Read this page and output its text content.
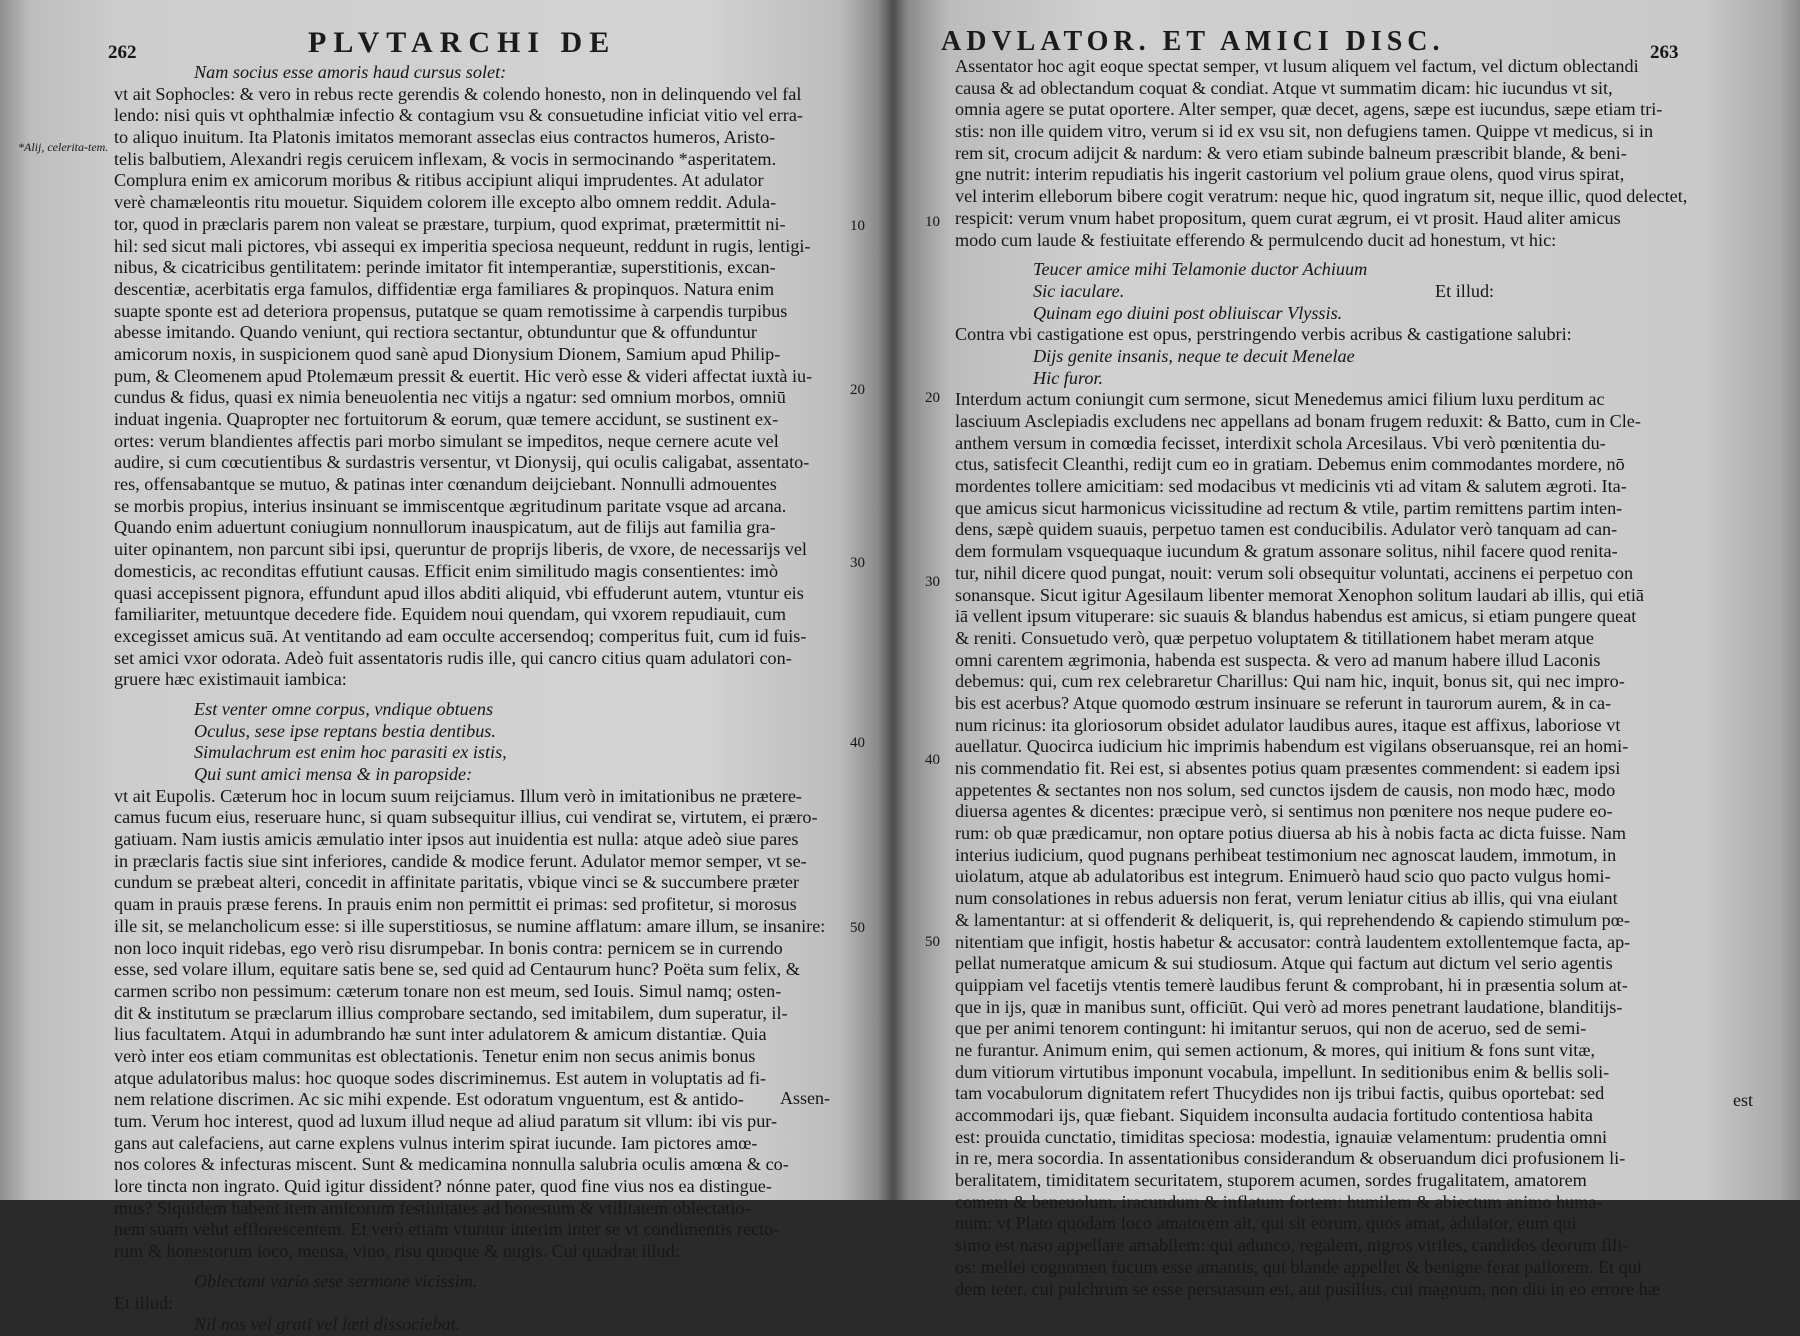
262	PLVTARCHI DE
*Alij, celerita-tem.
10
20
30
40
50
Nam socius esse amoris haud cursus solet:
vt ait Sophocles: & vero in rebus recte gerendis & colendo honesto, non in delinquendo vel fal
lendo: nisi quis vt ophthalmiæ infectio & contagium vsu & consuetudine inficiat vitio vel erra-
to aliquo inuitum. Ita Platonis imitatos memorant asseclas eius contractos humeros, Aristo-
telis balbutiem, Alexandri regis ceruicem inflexam, & vocis in sermocinando *asperitatem.
Complura enim ex amicorum moribus & ritibus accipiunt aliqui imprudentes. At adulator
verè chamæleontis ritu mouetur. Siquidem colorem ille excepto albo omnem reddit. Adula-
tor, quod in præclaris parem non valeat se præstare, turpium, quod exprimat, prætermittit ni-
hil: sed sicut mali pictores, vbi assequi ex imperitia speciosa nequeunt, reddunt in rugis, lentigi-
nibus, & cicatricibus gentilitatem: perinde imitator fit intemperantiæ, superstitionis, excan-
descentiæ, acerbitatis erga famulos, diffidentiæ erga familiares & propinquos. Natura enim
suapte sponte est ad deteriora propensus, putatque se quam remotissime à carpendis turpibus
abesse imitando. Quando veniunt, qui rectiora sectantur, obtunduntur que & offunduntur
amicorum noxis, in suspicionem quod sanè apud Dionysium Dionem, Samium apud Philip-
pum, & Cleomenem apud Ptolemæum pressit & euertit. Hic verò esse & videri affectat iuxtà iu-
cundus & fidus, quasi ex nimia beneuolentia nec vitijs a ngatur: sed omnium morbos, omniū
induat ingenia. Quapropter nec fortuitorum & eorum, quæ temere accidunt, se sustinent ex-
ortes: verum blandientes affectis pari morbo simulant se impeditos, neque cernere acute vel
audire, si cum cœcutientibus & surdastris versentur, vt Dionysij, qui oculis caligabat, assentato-
res, offensabantque se mutuo, & patinas inter cœnandum deijciebant. Nonnulli admouentes
se morbis propius, interius insinuant se immiscentque ægritudinum paritate vsque ad arcana.
Quando enim aduertunt coniugium nonnullorum inauspicatum, aut de filijs aut familia gra-
uiter opinantem, non parcunt sibi ipsi, queruntur de proprijs liberis, de vxore, de necessarijs vel
domesticis, ac reconditas effutiunt causas. Efficit enim similitudo magis consentientes: imò
quasi accepissent pignora, effundunt apud illos abditi aliquid, vbi effuderunt autem, vtuntur eis
familiariter, metuuntque decedere fide. Equidem noui quendam, qui vxorem repudiauit, cum
excegisset amicus suā. At ventitando ad eam occulte accersendoq; comperitus fuit, cum id fuis-
set amici vxor odorata. Adeò fuit assentatoris rudis ille, qui cancro citius quam adulatori con-
gruere hæc existimauit iambica:
Est venter omne corpus, vndique obtuens
Oculus, sese ipse reptans bestia dentibus.
Simulachrum est enim hoc parasiti ex istis,
Qui sunt amici mensa & in paropside:
vt ait Eupolis. Cæterum hoc in locum suum reijciamus. Illum verò in imitationibus ne prætere-
camus fucum eius, reseruare hunc, si quam subsequitur illius, cui vendirat se, virtutem, ei præro-
gatiuam. Nam iustis amicis æmulatio inter ipsos aut inuidentia est nulla: atque adeò siue pares
in præclaris factis siue sint inferiores, candide & modice ferunt. Adulator memor semper, vt se-
cundum se præbeat alteri, concedit in affinitate paritatis, vbique vinci se & succumbere præter
quam in prauis præse ferens. In prauis enim non permittit ei primas: sed profitetur, si morosus
ille sit, se melancholicum esse: si ille superstitiosus, se numine afflatum: amare illum, se insanire:
non loco inquit ridebas, ego verò risu disrumpebar. In bonis contra: pernicem se in currendo
esse, sed volare illum, equitare satis bene se, sed quid ad Centaurum hunc? Poëta sum felix, &
carmen scribo non pessimum: cæterum tonare non est meum, sed Iouis. Simul namq; osten-
dit & institutum se præclarum illius comprobare sectando, sed imitabilem, dum superatur, il-
lius facultatem. Atqui in adumbrando hæ sunt inter adulatorem & amicum distantiæ. Quia
verò inter eos etiam communitas est oblectationis. Tenetur enim non secus animis bonus
atque adulatoribus malus: hoc quoque sodes discriminemus. Est autem in voluptatis ad fi-
nem relatione discrimen. Ac sic mihi expende. Est odoratum vnguentum, est & antido-
tum. Verum hoc interest, quod ad luxum illud neque ad aliud paratum sit vllum: ibi vis pur-
gans aut calefaciens, aut carne explens vulnus interim spirat iucunde. Iam pictores amœ-
nos colores & infecturas miscent. Sunt & medicamina nonnulla salubria oculis amœna & co-
lore tincta non ingrato. Quid igitur dissident? nónne pater, quod fine vius nos ea distingue-
mus? Siquidem habent item amicorum festiuitates ad honestum & vtilitatem oblectatio-
nem suam velut efflorescentem. Et verò etiam vtuntur interim inter se vt condimentis recto-
rum & honestorum ioco, mensa, vino, risu quoque & nugis. Cui quadrat illud:
Oblectant vario sese sermone vicissim.
Et illud:
Nil nos vel grati vel læti dissociebat.
Assen-
ADVLATOR. ET AMICI DISC.	263
10
20
30
40
50
Assentator hoc agit eoque spectat semper, vt lusum aliquem vel factum, vel dictum oblectandi
causa & ad oblectandum coquat & condiat. Atque vt summatim dicam: hic iucundus vt sit,
omnia agere se putat oportere. Alter semper, quæ decet, agens, sæpe est iucundus, sæpe etiam tri-
stis: non ille quidem vitro, verum si id ex vsu sit, non defugiens tamen. Quippe vt medicus, si in
rem sit, crocum adijcit & nardum: & vero etiam subinde balneum præscribit blande, & beni-
gne nutrit: interim repudiatis his ingerit castorium vel polium graue olens, quod virus spirat,
vel interim elleborum bibere cogit veratrum: neque hic, quod ingratum sit, neque illic, quod delectet,
respicit: verum vnum habet propositum, quem curat ægrum, ei vt prosit. Haud aliter amicus
modo cum laude & festiuitate efferendo & permulcendo ducit ad honestum, vt hic:
Teucer amice mihi Telamonie ductor Achiuum
Sic iaculare.	Et illud:
Quinam ego diuini post obliuiscar Vlyssis.
Contra vbi castigatione est opus, perstringendo verbis acribus & castigatione salubri:
Dijs genite insanis, neque te decuit Menelae
Hic furor.
Interdum actum coniungit cum sermone, sicut Menedemus amici filium luxu perditum ac
lasciuum Asclepiadis excludens nec appellans ad bonam frugem reduxit: & Batto, cum in Cle-
anthem versum in comœdia fecisset, interdixit schola Arcesilaus. Vbi verò pœnitentia du-
ctus, satisfecit Cleanthi, redijt cum eo in gratiam. Debemus enim commodantes mordere, nō
mordentes tollere amicitiam: sed modacibus vt medicinis vti ad vitam & salutem ægroti. Ita-
que amicus sicut harmonicus vicissitudine ad rectum & vtile, partim remittens partim inten-
dens, sæpè quidem suauis, perpetuo tamen est conducibilis. Adulator verò tanquam ad can-
dem formulam vsquequaque iucundum & gratum assonare solitus, nihil facere quod renita-
tur, nihil dicere quod pungat, nouit: verum soli obsequitur voluntati, accinens ei perpetuo con
sonansque. Sicut igitur Agesilaum libenter memorat Xenophon solitum laudari ab illis, qui etiā
iā vellent ipsum vituperare: sic suauis & blandus habendus est amicus, si etiam pungere queat
& reniti. Consuetudo verò, quæ perpetuo voluptatem & titillationem habet meram atque
omni carentem ægrimonia, habenda est suspecta. & vero ad manum habere illud Laconis
debemus: qui, cum rex celebraretur Charillus: Qui nam hic, inquit, bonus sit, qui nec impro-
bis est acerbus? Atque quomodo œstrum insinuare se referunt in taurorum aurem, & in ca-
num ricinus: ita gloriosorum obsidet adulator laudibus aures, itaque est affixus, laboriose vt
auellatur. Quocirca iudicium hic imprimis habendum est vigilans obseruansque, rei an homi-
nis commendatio fit. Rei est, si absentes potius quam præsentes commendent: si eadem ipsi
appetentes & sectantes non nos solum, sed cunctos ijsdem de causis, non modo hæc, modo
diuersa agentes & dicentes: præcipue verò, si sentimus non pœnitere nos neque pudere eo-
rum: ob quæ prædicamur, non optare potius diuersa ab his à nobis facta ac dicta fuisse. Nam
interius iudicium, quod pugnans perhibeat testimonium nec agnoscat laudem, immotum, in
uiolatum, atque ab adulatoribus est integrum. Enimuerò haud scio quo pacto vulgus homi-
num consolationes in rebus aduersis non ferat, verum leniatur citius ab illis, qui vna eiulant
& lamentantur: at si offenderit & deliquerit, is, qui reprehendendo & capiendo stimulum pœ-
nitentiam que infigit, hostis habetur & accusator: contrà laudentem extollentemque facta, ap-
pellat numeratque amicum & sui studiosum. Atque qui factum aut dictum vel serio agentis
quippiam vel facetijs vtentis temerè laudibus ferunt & comprobant, hi in præsentia solum at-
que in ijs, quæ in manibus sunt, officiūt. Qui verò ad mores penetrant laudatione, blanditijs-
que per animi tenorem contingunt: hi imitantur seruos, qui non de aceruo, sed de semi-
ne furantur. Animum enim, qui semen actionum, & mores, qui initium & fons sunt vitæ,
dum vitiorum virtutibus imponunt vocabula, impellunt. In seditionibus enim & bellis soli-
tam vocabulorum dignitatem refert Thucydides non ijs tribui factis, quibus oportebat: sed
accommodari ijs, quæ fiebant. Siquidem inconsulta audacia fortitudo contentiosa habita
est: prouida cunctatio, timiditas speciosa: modestia, ignauiæ velamentum: prudentia omni
in re, mera socordia. In assentationibus considerandum & obseruandum dici profusionem li-
beralitatem, timiditatem securitatem, stuporem acumen, sordes frugalitatem, amatorem
comem & beneuolum, iracundum & inflatum fortem: humilem & abiectum animo huma-
num: vt Plato quodam loco amatorem ait, qui sit eorum, quos amat, adulator, eum qui
simo est naso appellare amabilem: qui adunco, regalem, nigros viriles, candidos deorum fili-
os: mellei cognomen fucum esse amantis, qui blande appellet & benigne ferat pallorem. Et qui
dem teter, cui pulchrum se esse persuasum est, aut pusillus, cui magnum, non diu in eo errore hæ
est
